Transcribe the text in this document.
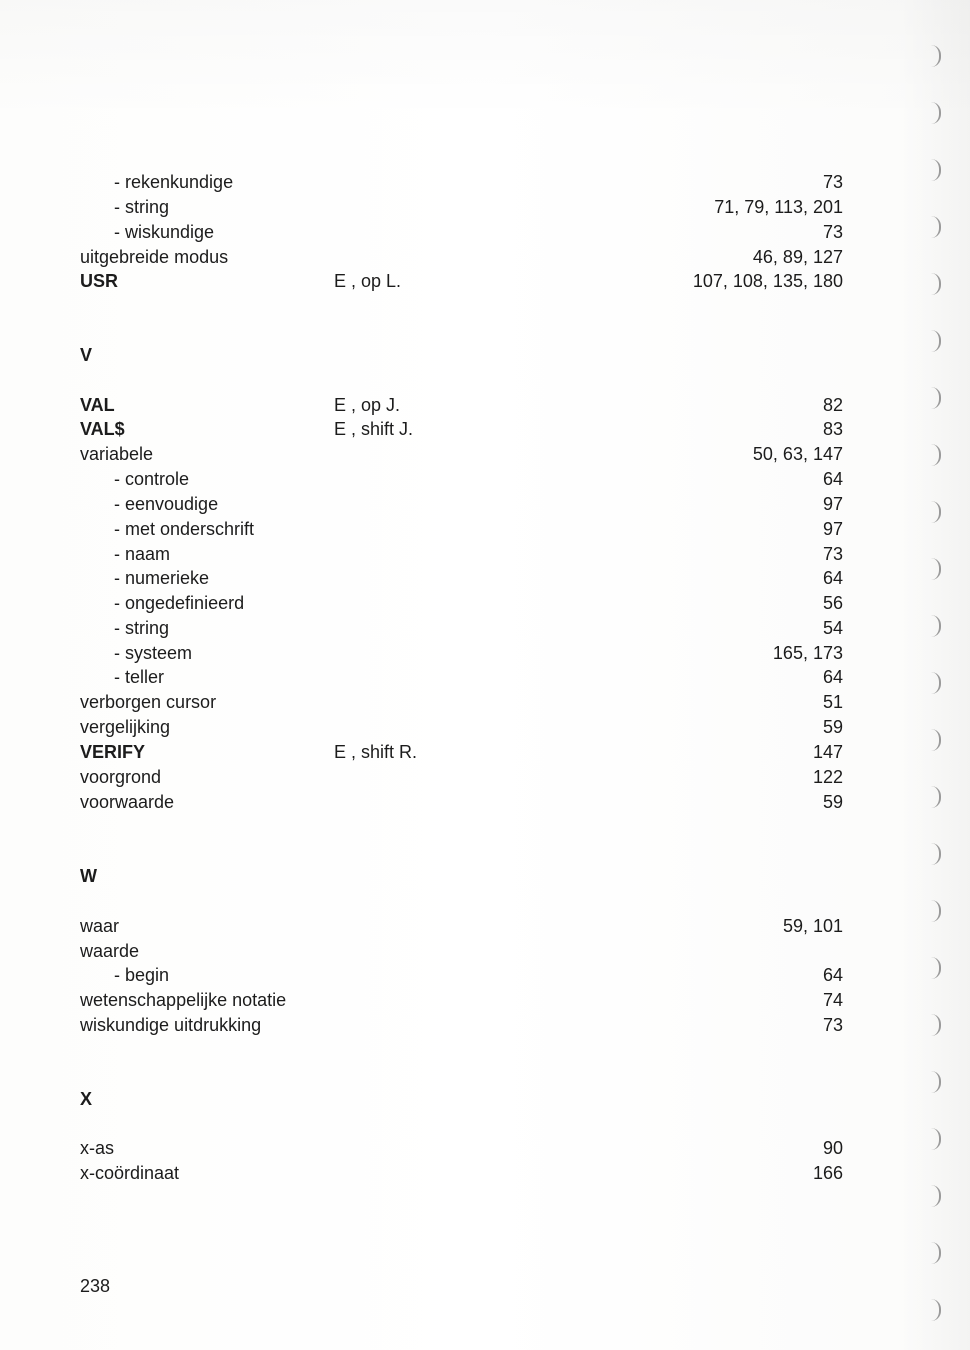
- rekenkundige	73
- string	71, 79, 113, 201
- wiskundige	73
uitgebreide modus	46, 89, 127
USR	E , op L.	107, 108, 135, 180
V
VAL	E , op J.	82
VAL$	E , shift J.	83
variabele	50, 63, 147
- controle	64
- eenvoudige	97
- met onderschrift	97
- naam	73
- numerieke	64
- ongedefinieerd	56
- string	54
- systeem	165, 173
- teller	64
verborgen cursor	51
vergelijking	59
VERIFY	E , shift R.	147
voorgrond	122
voorwaarde	59
W
waar	59, 101
waarde
- begin	64
wetenschappelijke notatie	74
wiskundige uitdrukking	73
X
x-as	90
x-coördinaat	166
238
